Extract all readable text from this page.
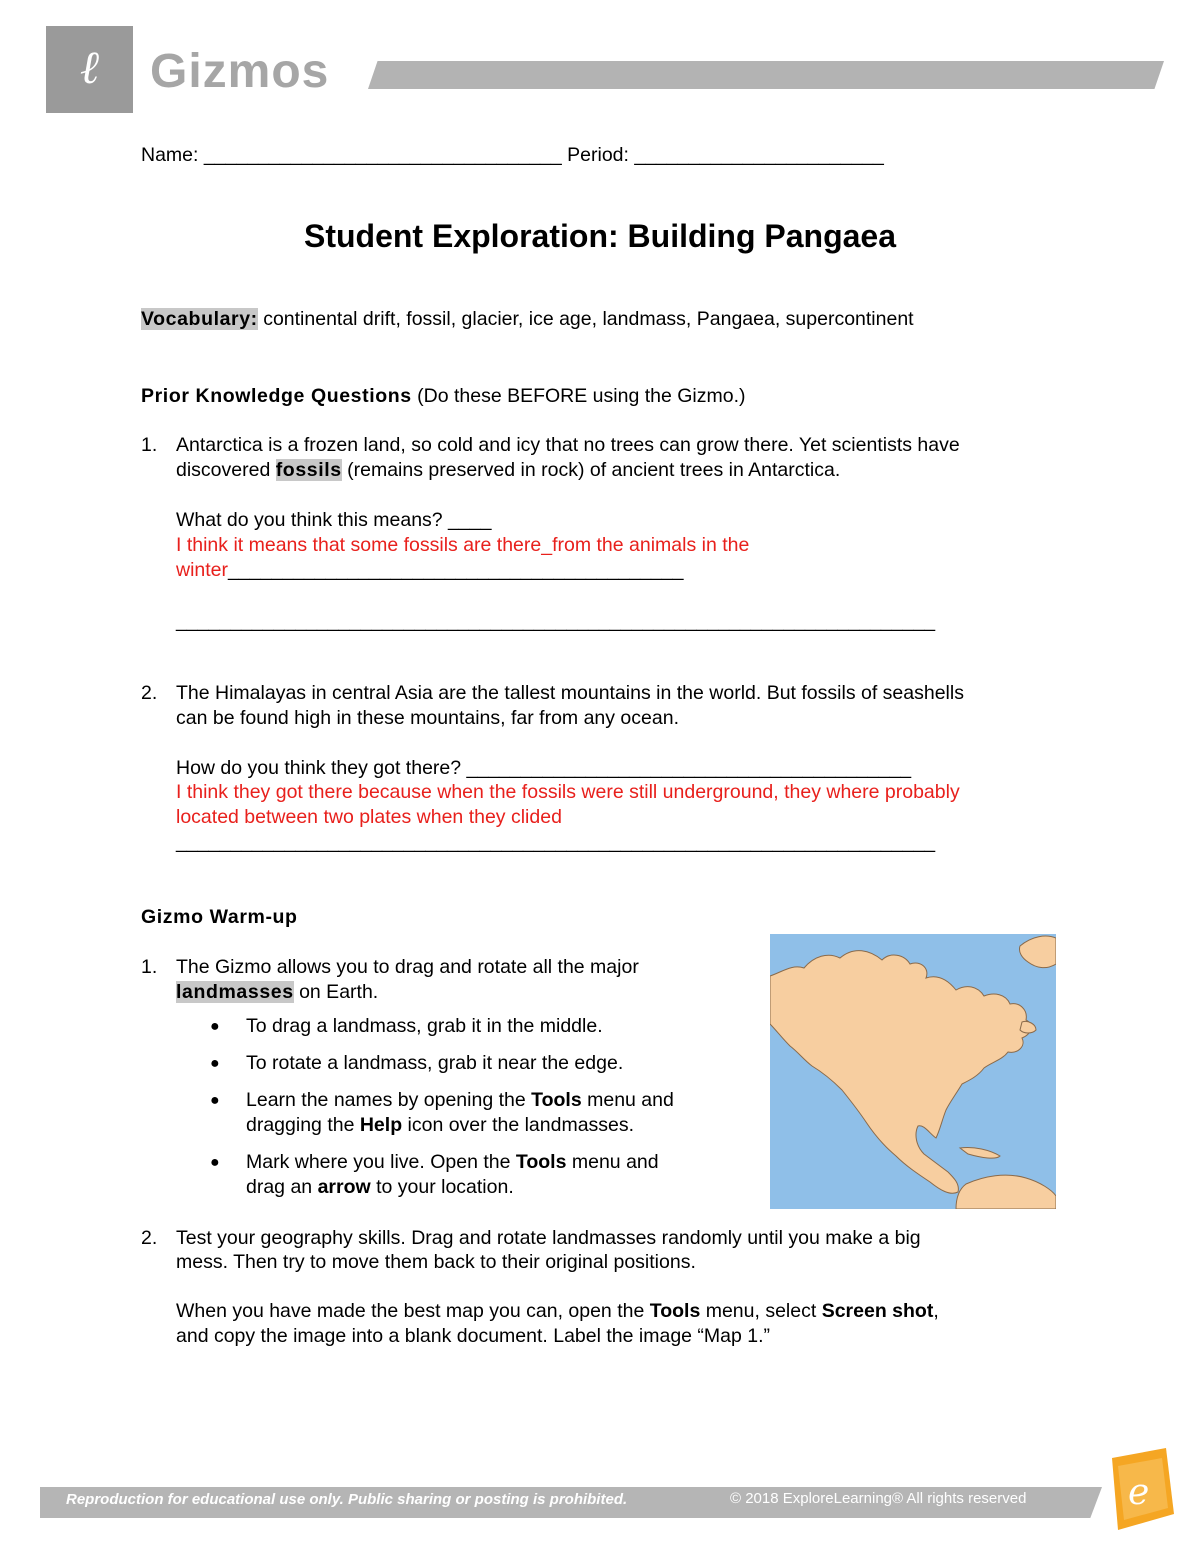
ℓ	Gizmos
Name: _________________________________ Period: _______________________
Student Exploration: Building Pangaea
Vocabulary: continental drift, fossil, glacier, ice age, landmass, Pangaea, supercontinent
Prior Knowledge Questions (Do these BEFORE using the Gizmo.)
1. Antarctica is a frozen land, so cold and icy that no trees can grow there. Yet scientists have
discovered fossils (remains preserved in rock) of ancient trees in Antarctica.
What do you think this means? ____
I think it means that some fossils are there_from the animals in the
winter__________________________________________
______________________________________________________________________
2. The Himalayas in central Asia are the tallest mountains in the world. But fossils of seashells
can be found high in these mountains, far from any ocean.
How do you think they got there? _________________________________________
I think they got there because when the fossils were still underground, they where probably
located between two plates when they clided
______________________________________________________________________
Gizmo Warm-up
1. The Gizmo allows you to drag and rotate all the major
landmasses on Earth.
● To drag a landmass, grab it in the middle.
● To rotate a landmass, grab it near the edge.
● Learn the names by opening the Tools menu and
dragging the Help icon over the landmasses.
● Mark where you live. Open the Tools menu and
drag an arrow to your location.
2. Test your geography skills. Drag and rotate landmasses randomly until you make a big
mess. Then try to move them back to their original positions.
When you have made the best map you can, open the Tools menu, select Screen shot,
and copy the image into a blank document. Label the image “Map 1.”
Reproduction for educational use only. Public sharing or posting is prohibited.	© 2018 ExploreLearning® All rights reserved	e
